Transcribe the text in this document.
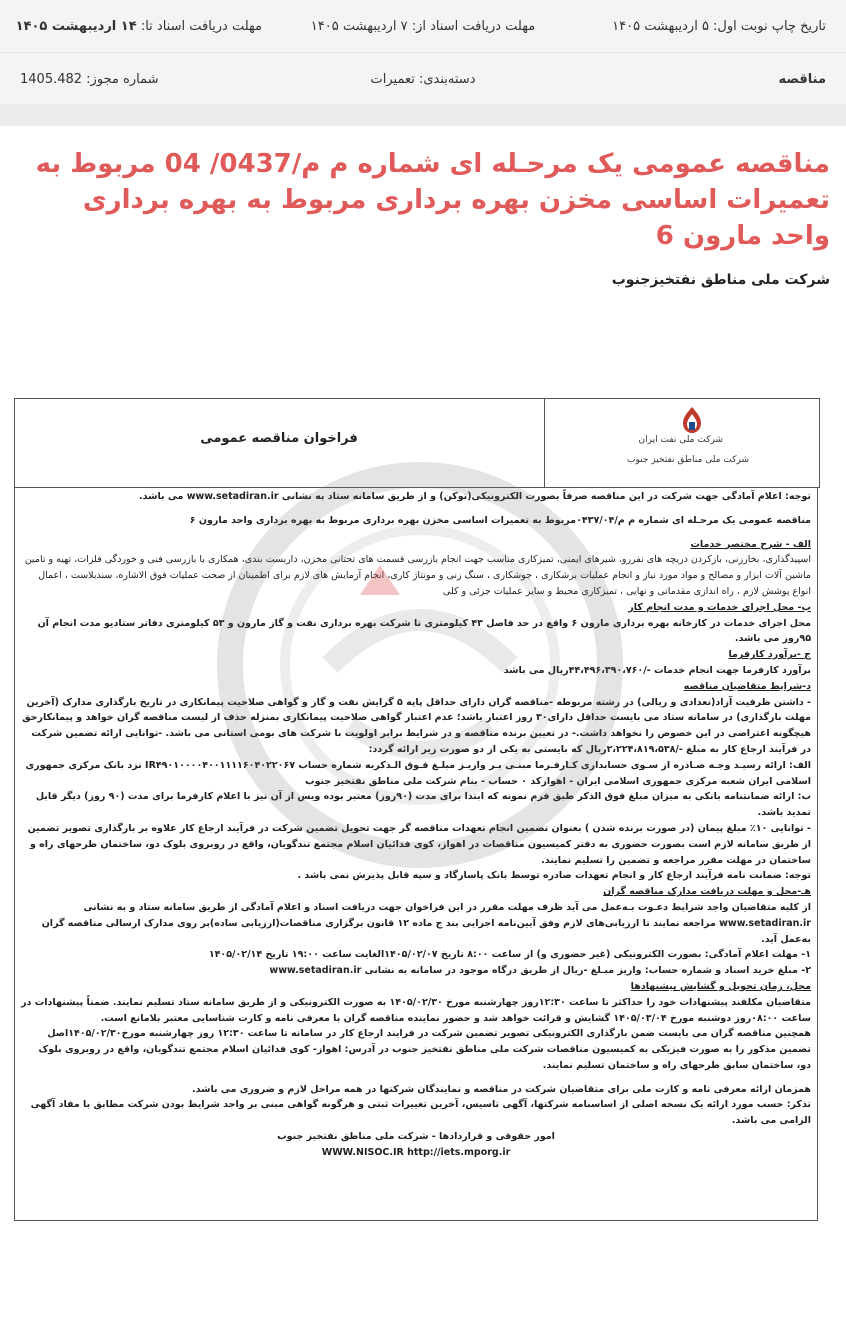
تاریخ چاپ نوبت اول: ۵ اردیبهشت ۱۴۰۵
مهلت دریافت اسناد از: ۷ اردیبهشت ۱۴۰۵
مهلت دریافت اسناد تا: ۱۴ اردیبهشت ۱۴۰۵
مناقصه
دسته‌بندی: تعمیرات
شماره مجوز: 1405.482
مناقصه عمومی یک مرحـله ای شماره م م/0437/ 04 مربوط به تعمیرات اساسی مخزن بهره برداری مربوط به بهره برداری واحد مارون 6
شرکت ملی مناطق نفتخیزجنوب
شرکت ملی نفت ایران
شرکت ملی مناطق نفتخیز جنوب
فراخوان مناقصه عمومی

توجه: اعلام آمادگی جهت شرکت در این مناقصه صرفاً بصورت الکترونیکی(توکن) و از طریق سامانه ستاد به نشانی www.setadiran.ir می باشد.

مناقصه عمومی یک مرحـله ای شماره م م/۰۴۳۷/۰۴مربوط به تعمیرات اساسی مخزن بهره برداری مربوط به بهره برداری واحد مارون ۶

الف - شرح مختصر خدمات

اسپیدگذاری، بخارزنی، بازکردن دریچه های نفررو، شیرهای ایمنی، تمیزکاری مناسب جهت انجام بازرسی قسمت های تحتانی مخزن، داربست بندی، همکاری با بازرسی فنی و خوردگی فلزات، تهیه و تامین ماشین آلات ابزار و مصالح و مواد مورد نیاز و انجام عملیات برشکاری ، جوشکاری ، سنگ زنی و مونتاژ کاری، انجام آزمایش های لازم برای اطمینان از صحت عملیات فوق الاشاره، سندبلاست ، اعمال انواع پوشش لازم ، راه اندازی مقدماتی و نهایی ، تمیزکاری محیط و سایر عملیات جزئی و کلی

ب- محل اجرای خدمات و مدت انجام کار

محل اجرای خدمات در کارخانه بهره برداری مارون ۶ واقع در حد فاصل ۴۳ کیلومتری تا شرکت بهره برداری نفت و گاز مارون و ۵۳ کیلومتری دفاتر ستادیو مدت انجام آن ۹۵روز می باشد.

ج -برآورد کارفرما

برآورد کارفرما جهت انجام خدمات -/۴۴،۴۹۶،۳۹۰،۷۶۰ریال می باشد

د-شرایط متقاضیان مناقصه

- داشتن ظرفیت آزاد(تعدادی و ریالی) در رشته مربوطه -مناقصه گران دارای حداقل پایه ۵ گرایش نفت و گاز و گواهی صلاحیت پیمانکاری در تاریخ بارگذاری مدارک (آخرین مهلت بارگذاری) در سامانه ستاد می بایست حداقل دارای۳۰ روز اعتبار باشد؛ عدم اعتبار گواهی صلاحیت پیمانکاری بمنزله حذف از لیست مناقصه گران خواهد و پیمانکارحق هیچگونه اعتراضی در این خصوص را نخواهد داشت.- در تعیین برنده مناقصه و در شرایط برابر اولویت با شرکت های بومی استانی می باشد. -توانایی ارائه تضمین شرکت در فرآیند ارجاع کار به مبلغ -/۲،۲۲۴،۸۱۹،۵۳۸ریال که بایستی به یکی از دو صورت زیر ارائه گردد:

الف: ارائه رسیـد وجـه صـادره از سـوی حسابداری کـارفـرما مبنـی بـر واریـز مبلـغ فـوق الـذکربه شماره حساب IR۴۹۰۱۰۰۰۰۴۰۰۱۱۱۱۶۰۴۰۲۲۰۶۷ نزد بانک مرکزی جمهوری اسلامی ایران شعبه مرکزی جمهوری اسلامی ایران - اهوازکد ۰ حساب - بنام شرکت ملی مناطق نفتخیز جنوب

ب: ارائه ضمانتنامه بانکی به میزان مبلغ فوق الذکر طبق فرم نمونه که ابتدا برای مدت (۹۰روز) معتبر بوده ویس از آن نیز با اعلام کارفرما برای مدت (۹۰ روز) دیگر قابل تمدید باشد.

- توانایی ۱۰٪ مبلغ پیمان (در صورت برنده شدن ) بعنوان تضمین انجام تعهدات مناقصه گر جهت تحویل تضمین شرکت در فرآیند ارجاع کار علاوه بر بارگذاری تصویر تضمین از طریق سامانه لازم است بصورت حضوری به دفتر کمیسیون مناقصات در اهواز، کوی فدائیان اسلام مجتمع تندگویان، واقع در روبروی بلوک دو، ساختمان طرحهای راه و ساختمان در مهلت مقرر مراجعه و تضمین را تسلیم نمایند.

توجه: ضمانت نامه فرآیند ارجاع کار و انجام تعهدات صادره توسط بانک پاسارگاد و سپه قابل پذیرش نمی باشد .

هـ-محل و مهلت دریافت مدارک مناقصه گران

از کلیه متقاضیان واجد شرایط دعـوت بـه‌عمل می آید ظرف مهلت مقرر در این فراخوان جهت دریافت اسناد و اعلام آمادگی از طریق سامانه ستاد و به نشانی www.setadiran.ir مراجعه نمایند تا ارزیابی‌های لازم وفق آیین‌نامه اجرایی بند ج ماده ۱۲ قانون برگزاری مناقصات(ارزیابی ساده)بر روی مدارک ارسالی مناقصه گران به‌عمل آید.

۱- مهلت اعلام آمادگی: بصورت الکترونیکی (غیر حضوری و) از ساعت ۸:۰۰ تاریخ ۱۴۰۵/۰۲/۰۷الغایت ساعت ۱۹:۰۰ تاریخ ۱۴۰۵/۰۲/۱۴

۲- مبلغ خرید اسناد و شماره حساب: واریز مبـلغ -ریال از طریق درگاه موجود در سامانه به نشانی www.setadiran.ir

محل، زمان تحویل و گشایش پیشنهادها

متقاضیان مکلفند پیشنهادات خود را حداکثر تا ساعت ۱۲:۳۰روز چهارشنبه مورخ ۱۴۰۵/۰۲/۳۰ به صورت الکترونیکی و از طریق سامانه ستاد تسلیم نمایند. ضمناً پیشنهادات در ساعت ۰۸:۰۰روز دوشنبه مورخ ۱۴۰۵/۰۳/۰۴ گشایش و قرائت خواهد شد و حضور نماینده مناقصه گران با معرفی نامه و کارت شناسایی معتبر بلامانع است.

همچنین مناقصه گران می بایست ضمن بارگذاری الکترونیکی تصویر تضمین شرکت در فرایند ارجاع کار در سامانه تا ساعت ۱۲:۳۰ روز چهارشنبه مورخ۱۴۰۵/۰۲/۳۰اصل تضمین مذکور را به صورت فیزیکی به کمیسیون مناقصات شرکت ملی مناطق نفتخیز جنوب در آدرس: اهواز- کوی فدائیان اسلام مجتمع تندگویان، واقع در روبروی بلوک دو، ساختمان سابق طرحهای راه و ساختمان تسلیم نمایند.

همزمان ارائه معرفی نامه و کارت ملی برای متقاضیان شرکت در مناقصه و نمایندگان شرکتها در همه مراحل لازم و ضروری می باشد.

تذکر: حسب مورد ارائه یک نسخه اصلی از اساسنامه شرکتها، آگهی تاسیس، آخرین تغییرات ثبتی و هرگونه گواهی مبنی بر واجد شرایط بودن شرکت مطابق با مفاد آگهی الزامی می باشد.

امور حقوقی و قراردادها - شرکت ملی مناطق نفتخیز جنوب

WWW.NISOC.IR http://iets.mporg.ir
